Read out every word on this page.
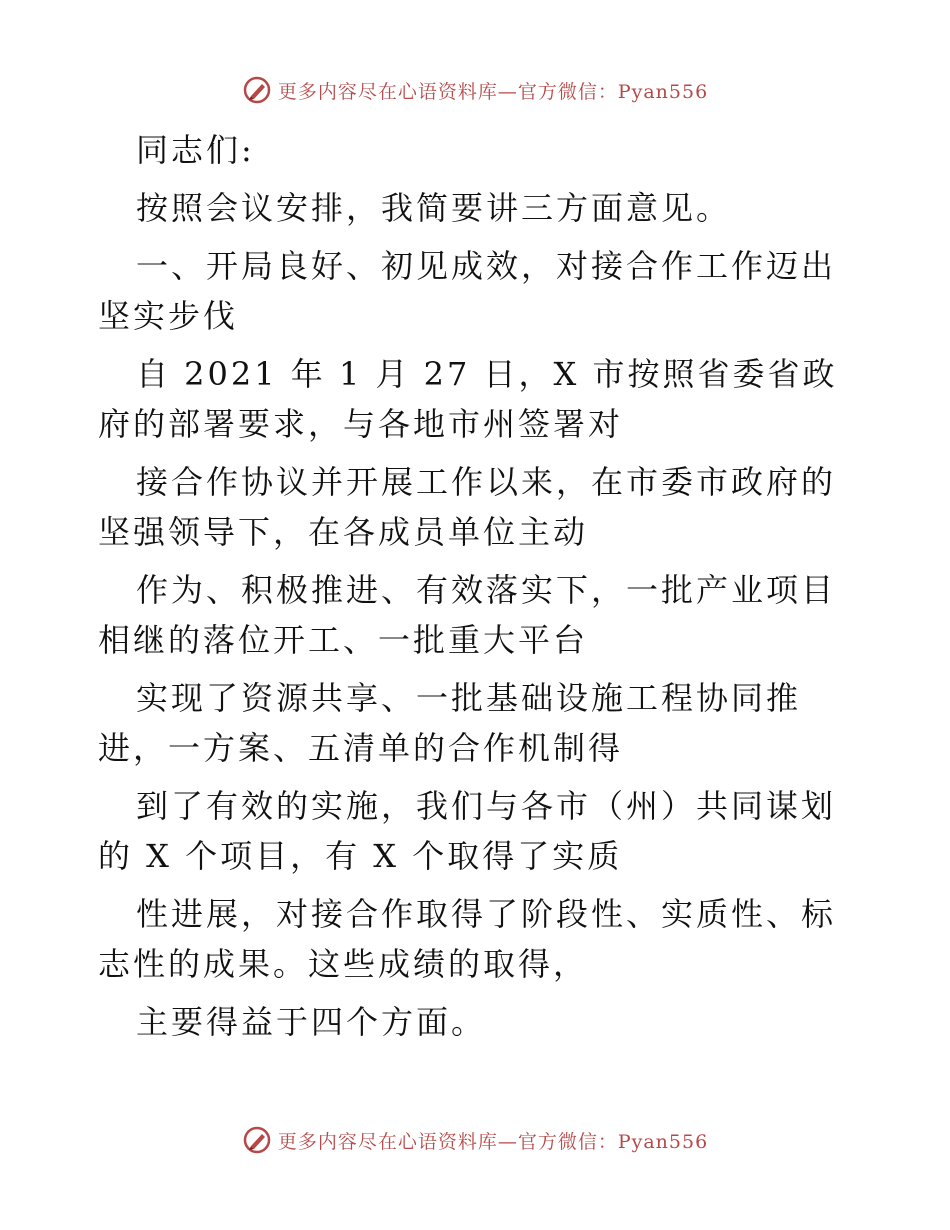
更多内容尽在心语资料库—官方微信：Pyan556

同志们:

按照会议安排，我简要讲三方面意见。

一、开局良好、初见成效，对接合作工作迈出坚实步伐

自 2021 年 1 月 27 日，X 市按照省委省政府的部署要求，与各地市州签署对

接合作协议并开展工作以来，在市委市政府的坚强领导下，在各成员单位主动

作为、积极推进、有效落实下，一批产业项目相继的落位开工、一批重大平台

实现了资源共享、一批基础设施工程协同推进，一方案、五清单的合作机制得

到了有效的实施，我们与各市（州）共同谋划的 X 个项目，有 X 个取得了实质

性进展，对接合作取得了阶段性、实质性、标志性的成果。这些成绩的取得，

主要得益于四个方面。

更多内容尽在心语资料库—官方微信：Pyan556
